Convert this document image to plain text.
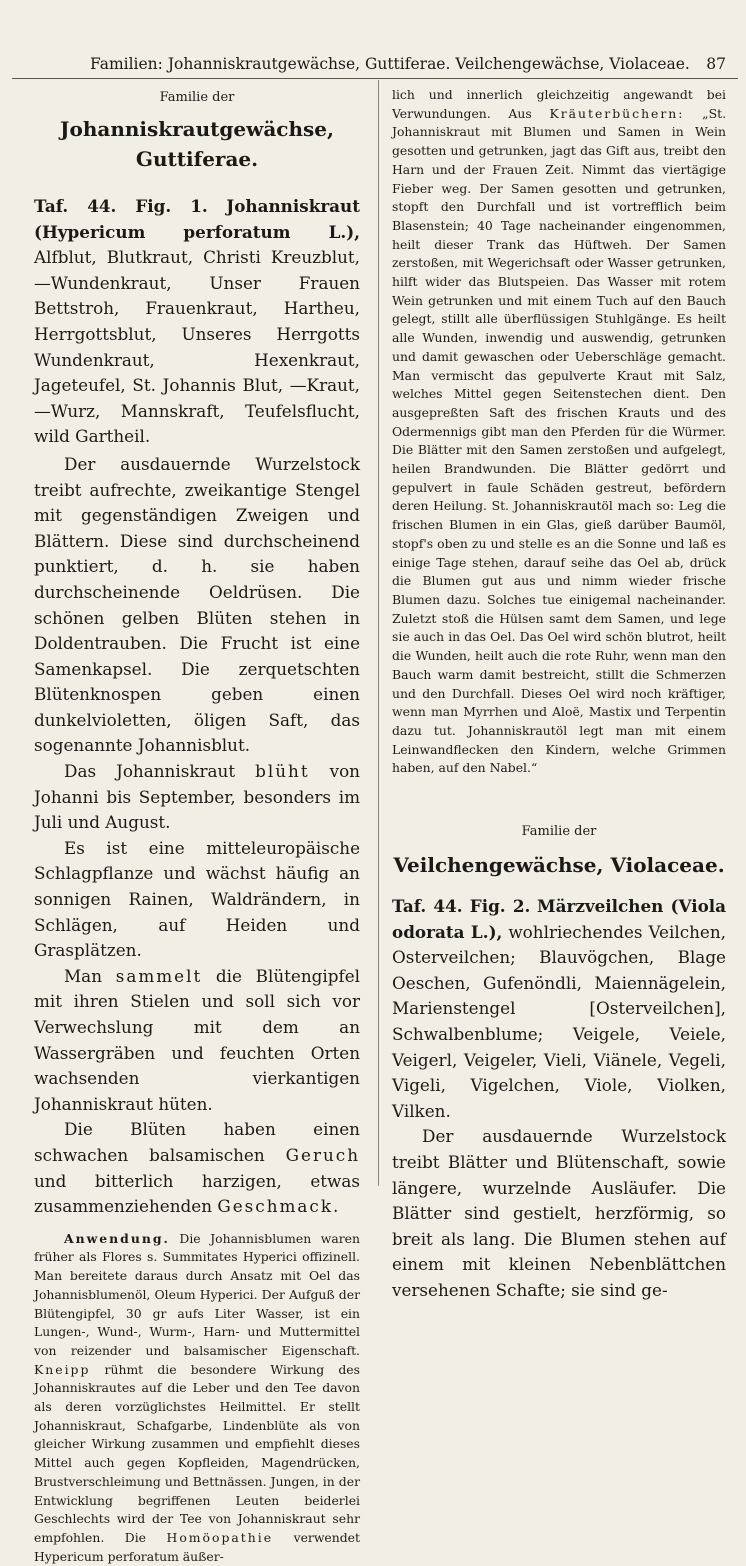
Familien: Johanniskrautgewächse, Guttiferae. Veilchengewächse, Violaceae. 87
Familie der
Johanniskrautgewächse, Guttiferae.

Taf. 44. Fig. 1. Johanniskraut (Hypericum perforatum L.), Alfblut, Blutkraut, Christi Kreuzblut, —Wundenkraut, Unser Frauen Bettstroh, Frauenkraut, Hartheu, Herrgottsblut, Unseres Herrgotts Wundenkraut, Hexenkraut, Jageteufel, St. Johannis Blut, —Kraut, —Wurz, Mannskraft, Teufelsflucht, wild Gartheil.

Der ausdauernde Wurzelstock treibt aufrechte, zweikantige Stengel mit gegenständigen Zweigen und Blättern. Diese sind durchscheinend punktiert, d. h. sie haben durchscheinende Oeldrüsen. Die schönen gelben Blüten stehen in Doldentrauben. Die Frucht ist eine Samenkapsel. Die zerquetschten Blütenknospen geben einen dunkelvioletten, öligen Saft, das sogenannte Johannisblut.

Das Johanniskraut blüht von Johanni bis September, besonders im Juli und August.

Es ist eine mitteleuropäische Schlagpflanze und wächst häufig an sonnigen Rainen, Waldrändern, in Schlägen, auf Heiden und Grasplätzen.

Man sammelt die Blütengipfel mit ihren Stielen und soll sich vor Verwechslung mit dem an Wassergräben und feuchten Orten wachsenden vierkantigen Johanniskraut hüten.

Die Blüten haben einen schwachen balsamischen Geruch und bitterlich harzigen, etwas zusammenziehenden Geschmack.

Anwendung. Die Johannisblumen waren früher als Flores s. Summitates Hyperici offizinell. Man bereitete daraus durch Ansatz mit Oel das Johannisblumenöl, Oleum Hyperici. Der Aufguß der Blütengipfel, 30 gr aufs Liter Wasser, ist ein Lungen-, Wund-, Wurm-, Harn- und Muttermittel von reizender und balsamischer Eigenschaft. Kneipp rühmt die besondere Wirkung des Johanniskrautes auf die Leber und den Tee davon als deren vorzüglichstes Heilmittel. Er stellt Johanniskraut, Schafgarbe, Lindenblüte als von gleicher Wirkung zusammen und empfiehlt dieses Mittel auch gegen Kopfleiden, Magendrücken, Brustverschleimung und Bettnässen. Jungen, in der Entwicklung begriffenen Leuten beiderlei Geschlechts wird der Tee von Johanniskraut sehr empfohlen. Die Homöopathie verwendet Hypericum perforatum äußer-

lich und innerlich gleichzeitig angewandt bei Verwundungen. Aus Kräuterbüchern: „St. Johanniskraut mit Blumen und Samen in Wein gesotten und getrunken, jagt das Gift aus, treibt den Harn und der Frauen Zeit. Nimmt das viertägige Fieber weg. Der Samen gesotten und getrunken, stopft den Durchfall und ist vortrefflich beim Blasenstein; 40 Tage nacheinander eingenommen, heilt dieser Trank das Hüftweh. Der Samen zerstoßen, mit Wegerichsaft oder Wasser getrunken, hilft wider das Blutspeien. Das Wasser mit rotem Wein getrunken und mit einem Tuch auf den Bauch gelegt, stillt alle überflüssigen Stuhlgänge. Es heilt alle Wunden, inwendig und auswendig, getrunken und damit gewaschen oder Ueberschläge gemacht. Man vermischt das gepulverte Kraut mit Salz, welches Mittel gegen Seitenstechen dient. Den ausgepreßten Saft des frischen Krauts und des Odermennigs gibt man den Pferden für die Würmer. Die Blätter mit den Samen zerstoßen und aufgelegt, heilen Brandwunden. Die Blätter gedörrt und gepulvert in faule Schäden gestreut, befördern deren Heilung. St. Johanniskrautöl mach so: Leg die frischen Blumen in ein Glas, gieß darüber Baumöl, stopf's oben zu und stelle es an die Sonne und laß es einige Tage stehen, darauf seihe das Oel ab, drück die Blumen gut aus und nimm wieder frische Blumen dazu. Solches tue einigemal nacheinander. Zuletzt stoß die Hülsen samt dem Samen, und lege sie auch in das Oel. Das Oel wird schön blutrot, heilt die Wunden, heilt auch die rote Ruhr, wenn man den Bauch warm damit bestreicht, stillt die Schmerzen und den Durchfall. Dieses Oel wird noch kräftiger, wenn man Myrrhen und Aloë, Mastix und Terpentin dazu tut. Johanniskrautöl legt man mit einem Leinwandflecken den Kindern, welche Grimmen haben, auf den Nabel.“

Familie der
Veilchengewächse, Violaceae.

Taf. 44. Fig. 2. Märzveilchen (Viola odorata L.), wohlriechendes Veilchen, Osterveilchen; Blauvögchen, Blage Oeschen, Gufenöndli, Maiennägelein, Marienstengel [Osterveilchen], Schwalbenblume; Veigele, Veiele, Veigerl, Veigeler, Vieli, Viänele, Vegeli, Vigeli, Vigelchen, Viole, Violken, Vilken.

Der ausdauernde Wurzelstock treibt Blätter und Blütenschaft, sowie längere, wurzelnde Ausläufer. Die Blätter sind gestielt, herzförmig, so breit als lang. Die Blumen stehen auf einem mit kleinen Nebenblättchen versehenen Schafte; sie sind ge-
